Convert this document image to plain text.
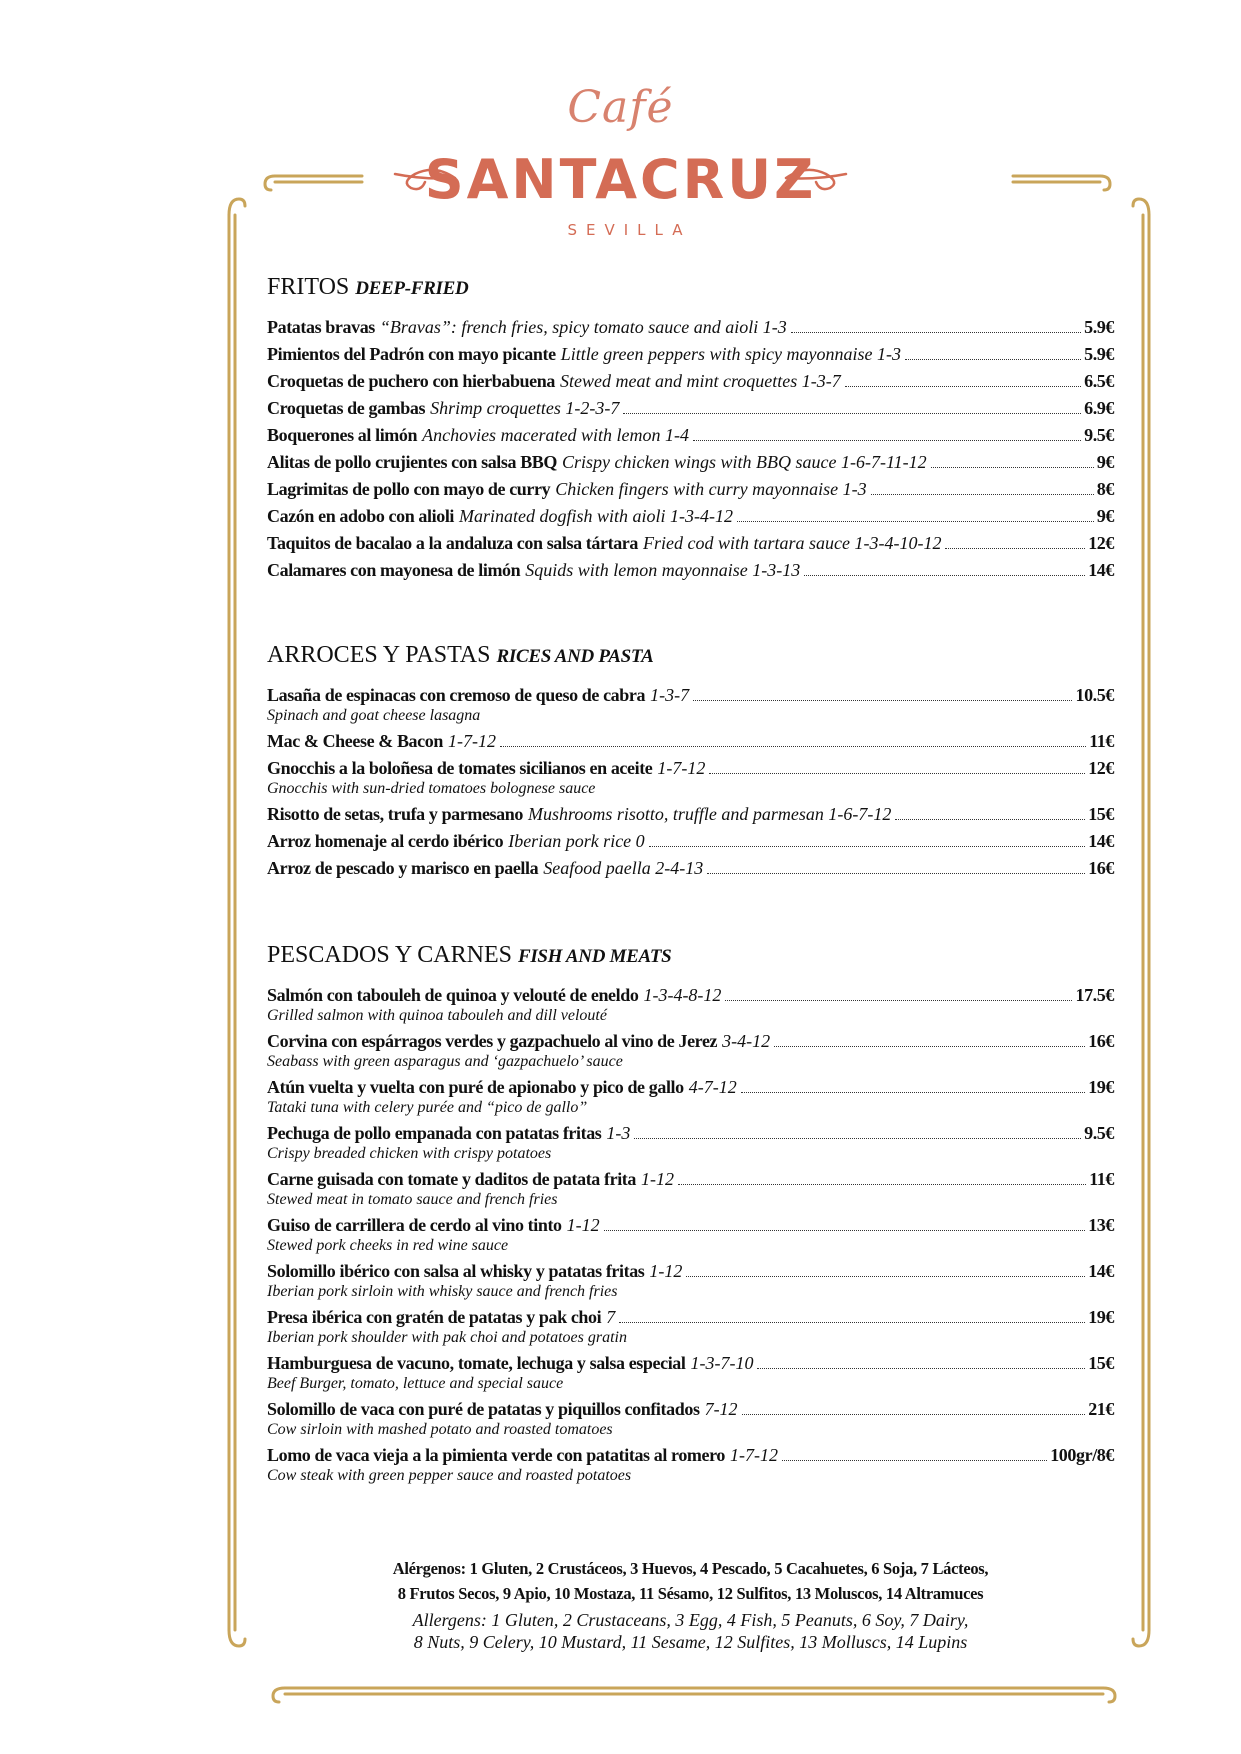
Café
SANTACRUZ
SEVILLA
FRITOS DEEP-FRIED
Patatas bravas “Bravas”: french fries, spicy tomato sauce and aioli 1-3	5.9€
Pimientos del Padrón con mayo picante Little green peppers with spicy mayonnaise 1-3	5.9€
Croquetas de puchero con hierbabuena Stewed meat and mint croquettes 1-3-7	6.5€
Croquetas de gambas Shrimp croquettes 1-2-3-7	6.9€
Boquerones al limón Anchovies macerated with lemon 1-4	9.5€
Alitas de pollo crujientes con salsa BBQ Crispy chicken wings with BBQ sauce 1-6-7-11-12	9€
Lagrimitas de pollo con mayo de curry Chicken fingers with curry mayonnaise 1-3	8€
Cazón en adobo con alioli Marinated dogfish with aioli 1-3-4-12	9€
Taquitos de bacalao a la andaluza con salsa tártara Fried cod with tartara sauce 1-3-4-10-12	12€
Calamares con mayonesa de limón Squids with lemon mayonnaise 1-3-13	14€
ARROCES Y PASTAS RICES AND PASTA
Lasaña de espinacas con cremoso de queso de cabra 1-3-7	10.5€
Spinach and goat cheese lasagna
Mac & Cheese & Bacon 1-7-12	11€
Gnocchis a la boloñesa de tomates sicilianos en aceite 1-7-12	12€
Gnocchis with sun-dried tomatoes bolognese sauce
Risotto de setas, trufa y parmesano Mushrooms risotto, truffle and parmesan 1-6-7-12	15€
Arroz homenaje al cerdo ibérico Iberian pork rice 0	14€
Arroz de pescado y marisco en paella Seafood paella 2-4-13	16€
PESCADOS Y CARNES FISH AND MEATS
Salmón con tabouleh de quinoa y velouté de eneldo 1-3-4-8-12	17.5€
Grilled salmon with quinoa tabouleh and dill velouté
Corvina con espárragos verdes y gazpachuelo al vino de Jerez 3-4-12	16€
Seabass with green asparagus and ‘gazpachuelo’ sauce
Atún vuelta y vuelta con puré de apionabo y pico de gallo 4-7-12	19€
Tataki tuna with celery purée and “pico de gallo”
Pechuga de pollo empanada con patatas fritas 1-3	9.5€
Crispy breaded chicken with crispy potatoes
Carne guisada con tomate y daditos de patata frita 1-12	11€
Stewed meat in tomato sauce and french fries
Guiso de carrillera de cerdo al vino tinto 1-12	13€
Stewed pork cheeks in red wine sauce
Solomillo ibérico con salsa al whisky y patatas fritas 1-12	14€
Iberian pork sirloin with whisky sauce and french fries
Presa ibérica con gratén de patatas y pak choi 7	19€
Iberian pork shoulder with pak choi and potatoes gratin
Hamburguesa de vacuno, tomate, lechuga y salsa especial 1-3-7-10	15€
Beef Burger, tomato, lettuce and special sauce
Solomillo de vaca con puré de patatas y piquillos confitados 7-12	21€
Cow sirloin with mashed potato and roasted tomatoes
Lomo de vaca vieja a la pimienta verde con patatitas al romero 1-7-12	100gr/8€
Cow steak with green pepper sauce and roasted potatoes
Alérgenos: 1 Gluten, 2 Crustáceos, 3 Huevos, 4 Pescado, 5 Cacahuetes, 6 Soja, 7 Lácteos,
8 Frutos Secos, 9 Apio, 10 Mostaza, 11 Sésamo, 12 Sulfitos, 13 Moluscos, 14 Altramuces
Allergens: 1 Gluten, 2 Crustaceans, 3 Egg, 4 Fish, 5 Peanuts, 6 Soy, 7 Dairy,
8 Nuts, 9 Celery, 10 Mustard, 11 Sesame, 12 Sulfites, 13 Molluscs, 14 Lupins
